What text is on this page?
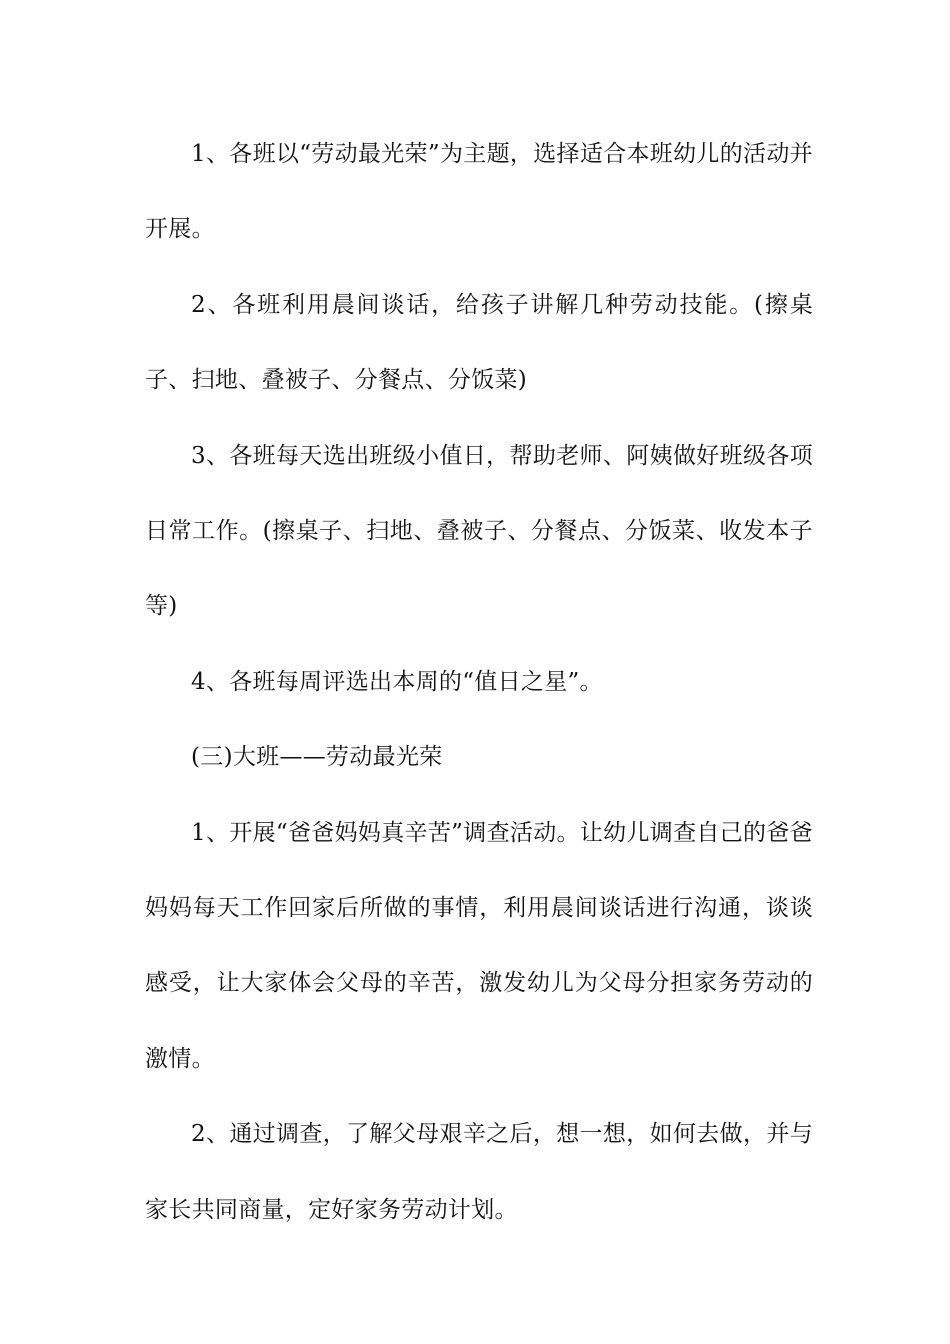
1、各班以“劳动最光荣”为主题，选择适合本班幼儿的活动并开展。

2、各班利用晨间谈话，给孩子讲解几种劳动技能。(擦桌子、扫地、叠被子、分餐点、分饭菜)

3、各班每天选出班级小值日，帮助老师、阿姨做好班级各项日常工作。(擦桌子、扫地、叠被子、分餐点、分饭菜、收发本子等)

4、各班每周评选出本周的“值日之星”。

(三)大班——劳动最光荣

1、开展“爸爸妈妈真辛苦”调查活动。让幼儿调查自己的爸爸妈妈每天工作回家后所做的事情，利用晨间谈话进行沟通，谈谈感受，让大家体会父母的辛苦，激发幼儿为父母分担家务劳动的激情。

2、通过调查，了解父母艰辛之后，想一想，如何去做，并与家长共同商量，定好家务劳动计划。
